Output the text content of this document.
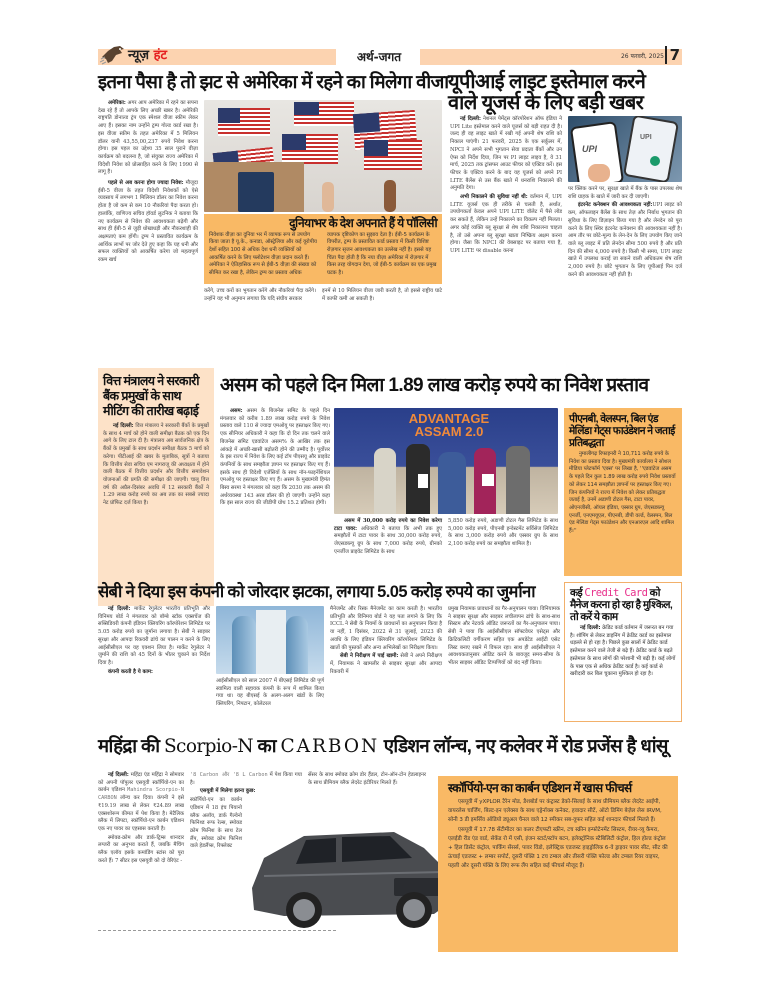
न्यूज़ हंट	अर्थ-जगत	26 फरवरी, 2025 7
इतना पैसा है तो झट से अमेरिका में रहने का मिलेगा वीजा

अमेरिका: अगर आप अमेरिका में रहने का सपना देख रहे हैं तो आपके लिए अच्छी खबर है। अमेरिकी राष्ट्रपति डोनाल्ड ट्रंप एक स्पेशल वीजा स्कीम लेकर आए हैं। इसका नाम उन्होंने ट्रम्प गोल्ड कार्ड रखा है। इस वीजा स्कीम के तहत अमेरिका में 5 मिलियन डॉलर यानी 43,55,00,237 रुपये निवेश करना होगा। इस पहल का उद्देश्य 35 साल पुराने वीज़ा कार्यक्रम को बदलना है, जो संयुक्त राज्य अमेरिका में विदेशी निवेश को प्रोत्साहित करने के लिए 1990 से लागू है।

पहले से अब करना होगा ज्यादा निवेश: मौजूदा ईबी-5 वीजा के तहत विदेशी निवेशकों को ऐसे व्यवसाय में लगभग 1 मिलियन डॉलर का निवेश करना होता है जो कम से कम 10 नौकरियां पैदा करता हो। हालांकि, वाणिज्य सचिव हॉवर्ड लुटनिक ने बताया कि नए कार्यक्रम से निवेश की आवश्यकता बढ़ेगी और साथ ही ईबी-5 से जुड़ी धोखाधड़ी और नौकरशाही की अक्षमताएं कम होंगी। ट्रम्प ने प्रस्तावित कार्यक्रम के आर्थिक लाभों पर जोर देते हुए कहा कि यह धनी और सफल व्यक्तियों को आकर्षित करेगा जो महत्वपूर्ण रकम खर्च

दुनियाभर के देश अपनाते हैं ये पॉलिसी
निवेशक वीज़ा का दुनिया भर में व्यापक रूप से उपयोग किया जाता है यू.के., कनाडा, ऑस्ट्रेलिया और कई यूरोपीय देशों सहित 100 से अधिक देश धनी व्यक्तियों को आकर्षित करने के लिए फ्लोटेशन वीज़ा प्रदान करते हैं। अमेरिका ने ऐतिहासिक रूप से ईबी-5 वीज़ा की संख्या को सीमित कर रखा है, लेकिन ट्रम्प का प्रस्ताव अधिक
व्यापक दृष्टिकोण का सुझाव देता है। ईबी-5 कार्यक्रम के विपरीत, ट्रम्प के प्रस्तावित कार्ड प्रस्ताव में किसी विशिष्ट रोज़गार सृजन आवश्यकता का उल्लेख नहीं है। इससे यह चिंता पैदा होती है कि नया वीज़ा अमेरिका में रोज़गार में किस तरह योगदान देगा, जो ईबी-5 कार्यक्रम का एक प्रमुख घटक है।
करेंगे, उच्च करों का भुगतान करेंगे और नौकरियां पैदा करेंगे। उन्होंने यह भी अनुमान लगाया कि यदि संघीय सरकार
इनमें से 10 मिलियन वीजा जारी करती है, तो इससे राष्ट्रीय घाटे में काफी कमी आ सकती है।
यूपीआई लाइट इस्तेमाल करने
वाले यूजर्स के लिए बड़ी खबर

नई दिल्ली: नेशनल पेमेंट्स कॉरपोरेशन ऑफ इंडिया ने UPI Lite इस्तेमाल करने वाले यूजर्स को बड़ी राहत दी है। जल्द ही वह लाइट खाते में रखी गई अपनी शेष राशि को निकाल पाएंगी। 21 फरवरी, 2025 के एक सर्कुलर में, NPCI ने अपने सभी भुगतान सेवा प्रदाता बैंकों और उन ऐप्स को निर्देश दिया, जिन पर PI लाइट लाइव है, वे 31 मार्च, 2025 तक ट्रांसफर आउट फीचर को एक्टिव करें। इस फीचर के एक्टिव करने के बाद यह यूजर्स को अपने PI LITE बैलेंस से उस बैंक खाते में धनराशि निकालने की अनुमति देगा।

अभी निकालने की सुविधा नहीं थी: वर्तमान में, UPI LITE यूजर्स एक ही तरीके से चलती है, अर्थात, उपयोगकर्ता केवल अपने UPI LITE वॉलेट में पैसे लोड कर सकते हैं, लेकिन उन्हें निकालने का विकल्प नहीं मिलता। अगर कोई व्यक्ति ब्लू सुरक्षा से शेष राशि निकालना चाहता है, तो उसे अपना ब्लू सुरक्षा खाता निष्क्रिय अक्षम करना होगा। जैसा कि NPCI की वेबसाइट पर बताया गया है, UPI LITE पर disable करना

UPI
UPI

पर क्लिक करने पर, सुरक्षा खाते में बैंक के पास उपलब्ध शेष राशि ग्राहक के खाते में जारी कर दी जाएगी।

इंटरनेट कनेक्शन की आवश्यकता नहीं:UPI लाइट को कम, ऑफलाइन बैलेंस के साथ तेज़ और निर्बाध भुगतान की सुविधा के लिए डिज़ाइन किया गया है और लेनदेन को पूरा करने के लिए स्थिर इंटरनेट कनेक्शन की आवश्यकता नहीं है। आम तौर पर छोटे-मूल्य के लेन-देन के लिए उपयोग किए जाने वाले ब्लू लाइट में प्रति लेनदेन सीमा 500 रुपये है और प्रति दिन की सीमा 4,000 रुपये है। किसी भी समय, UPI लाइट खाते में उपलब्ध कराई जा सकने वाली अधिकतम शेष राशि 2,000 रुपये है। छोटे भुगतान के लिए यूपीआई पिन दर्ज करने की आवश्यकता नहीं होती है।

वित्त मंत्रालय ने सरकारी बैंक प्रमुखों के साथ मीटिंग की तारीख बढ़ाई

नई दिल्ली: वित्त मंत्रालय ने सरकारी बैंकों के प्रमुखों के साथ 4 मार्च को होने वाली समीक्षा बैठक को एक दिन आगे के लिए टाल दी है। मंत्रालय अब सार्वजनिक क्षेत्र के बैंकों के प्रमुखों के साथ प्रदर्शन समीक्षा बैठक 5 मार्च को करेगा। पीटीआई की खबर के मुताबिक, सूत्रों ने बताया कि वित्तीय सेवा सचिव एम नागराजू की अध्यक्षता में होने वाली बैठक में वित्तीय प्रदर्शन और वित्तीय समावेशन योजनाओं की प्रगति की समीक्षा की जाएगी। चालू वित्त वर्ष की अप्रैल-दिसंबर अवधि में 12 सरकारी बैंकों ने 1.29 लाख करोड़ रुपये का अब तक का सबसे ज्यादा नेट प्रॉफिट दर्ज किया है।

असम को पहले दिन मिला 1.89 लाख करोड़ रुपये का निवेश प्रस्ताव

असम: असम के बिजनेस समिट के पहले दिन मंगलवार को करीब 1.89 लाख करोड़ रुपये के निवेश प्रस्ताव वाले 110 से ज्यादा एमओयू पर हस्ताक्षर किए गए। एक सीनियर अधिकारी ने कहा कि दो दिन तक चलने वाले बिजनेस समिट एडवांटेज असम% के आखिर तक इस आंकड़े में अच्छी-खासी बढ़ोतरी होने की उम्मीद है। पूर्वोत्तर के इस राज्य में निवेश के लिए कई टॉप पीएसयू और प्राइवेट कंपनियों के साथ समझौता ज्ञापन पर हस्ताक्षर किए गए हैं। इसके साथ ही विदेशी एजेंसियों के साथ नॉन-फाइनेंशियल एमओयू पर हस्ताक्षर किए गए हैं। असम के मुख्यमंत्री हिमंत बिस्व सरमा ने मंगलवार को कहा कि 2030 तक असम की अर्थव्यवस्था 143 अरब डॉलर की हो जाएगी। उन्होंने कहा कि इस साल राज्य की जीडीपी ग्रोथ 15.2 प्रतिशत होगी।

ADVANTAGE
ASSAM 2.0

असम में 30,000 करोड़ रुपये का निवेश करेगा टाटा पावर: अधिकारी ने बताया कि अभी तक हुए समझौतों में टाटा पावर के साथ 30,000 करोड़ रुपये, जेएसडब्ल्यू ग्रुप के साथ 7,000 करोड़ रुपये, ग्रीनको एनर्जीज प्राइवेट लिमिटेड के साथ

5,850 करोड़ रुपये, अडाणी टोटल गैस लिमिटेड के साथ 5,000 करोड़ रुपये, पीएनबी इन्वेस्टमेंट सर्विसेज लिमिटेड के साथ 3,000 करोड़ रुपये और एस्सार ग्रुप के साथ 2,100 करोड़ रुपये का समझौता शामिल है।
पीएनबी, वेलस्पन, बिल एंड मेलिंडा गेट्स फाउंडेशन ने जताई प्रतिबद्धता
नुमालीगढ़ रिफाइनरी ने 10,711 करोड़ रुपये के निवेश का प्रस्ताव दिया है। मुख्यमंत्री कार्यालय ने सोशल मीडिया प्लेटफॉर्म 'एक्स' पर लिखा है, ''एडवांटेज असम के पहले दिन कुल 1.89 लाख करोड़ रुपये निवेश प्रस्तावों को लेकर 114 समझौता ज्ञापनों पर हस्ताक्षर किए गए। जिन कंपनियों ने राज्य में निवेश को लेकर प्रतिबद्धता जताई है, उनमें अडाणी टोटल गैस, टाटा पावर, ओएनजीसी, ऑयल इंडिया, एस्सार ग्रुप, जेएसडब्ल्यू एनर्जी, एनएमयूएल, पीएनबी, डीपी वर्ल्ड, वेलस्पन, बिल एंड मेलिंडा गेट्स फाउंडेशन और एनआरएल आदि शामिल हैं।''
सेबी ने दिया इस कंपनी को जोरदार झटका, लगाया 5.05 करोड़ रुपये का जुर्माना

नई दिल्ली: मार्केट रेगुलेटर भारतीय प्रतिभूति और विनिमय बोर्ड ने मंगलवार को बॉम्बे स्टॉक एक्सचेंज की सब्सिडियरी कंपनी इंडियन क्लियरिंग कॉरपोरेशन लिमिटेड पर 5.05 करोड़ रुपये का जुर्माना लगाया है। सेबी ने साइबर सुरक्षा और आपदा रिकवरी ढांचे का पालन न करने के लिए आईसीसीएल पर यह एक्शन लिया है। मार्केट रेगुलेटर ने जुर्माने की राशि को 45 दिनों के भीतर चुकाने का निर्देश दिया है।

कंपनी करती है ये काम:

आईसीसीएल को साल 2007 में बीएसई लिमिटेड की पूर्ण स्वामित्व वाली सहायक कंपनी के रूप में शामिल किया गया था। यह बीएसई के अलग-अलग खंडों के लिए क्लियरिंग, निपटान, कोलेटरल

मैनेजमेंट और रिस्क मैनेजमेंट का काम करती है। भारतीय प्रतिभूति और विनिमय बोर्ड ने यह पता लगाने के लिए कि ICCL ने सेबी के नियमों के प्रावधानों का अनुपालन किया है या नहीं, 1 दिसंबर, 2022 से 31 जुलाई, 2023 की अवधि के लिए इंडियन क्लियरिंग कॉरपोरेशन लिमिटेड के खातों की पुस्तकों और अन्य अभिलेखों का निरीक्षण किया।

सेबी ने निरीक्षण में पाई खामी: सेबी ने अपने निरीक्षण में, नियामक ने खामलीर से साइबर सुरक्षा और आपदा रिकवरी में

प्रमुख नियामक प्रावधानों का गैर-अनुपालन पाया। विनियामक ने साइबर सुरक्षा और साइबर लचीलापन ढांचे के साथ-साथ सिस्टम और नेटवर्क ऑडिट जरूरतों का गैर-अनुपालन पाया। सेबी ने पाया कि आईसीसीएल सॉफ्टवेयर एसेट्स और क्रिटिकलिटी वर्गीकरण सहित एक अपडेटेड आईटी एसेट लिस्ट बनाए रखने में विफल रहा। साथ ही आईसीसीएल ने आवश्यकतानुसार ऑडिट करने के बावजूद समय-सीमा के भीतर साइबर ऑडिट टिप्पणियों को बंद नहीं किया।
कई Credit Card को मैनेज करना हो रहा है मुश्किल, तो करें ये काम

नई दिल्ली: क्रेडिट कार्ड वर्तमान में जरूरत बन गया है। शॉपिंग से लेकर डाइनिंग में क्रेडिट कार्ड का इस्तेमाल धड़ल्ले से हो रहा है। पिछले कुछ सालों में क्रेडिट कार्ड इस्तेमाल करने वाले तेजी से बढ़े हैं। क्रेडिट कार्ड के बढ़ते इस्तेमाल के साथ लोगों की परेशानी भी बढ़ी है। कई लोगों के पास एक से अधिक क्रेडिट कार्ड है। कई कार्ड से खरीदारी कर बिल चुकाना मुश्किल हो रहा है।

महिंद्रा की Scorpio-N का CARBON एडिशन लॉन्च, नए कलेवर में रोड प्रजेंस है धांसू

नई दिल्ली: महिंद्रा एंड महिंद्रा ने सोमवार को अपनी पॉपुलर एसयूवी स्कॉर्पियो-एन का कार्बन एडिशन Mahindra Scorpio-N CARBON लॉन्च कर दिया। कंपनी ने इसे ₹19.19 लाख से लेकर ₹24.89 लाख एक्सशोरूम कीमत में पेश किया है। मेटैलिक ब्लैक में लिपटा, स्कॉर्पियो-एन कार्बन एडिशन एक नए पावर का एहसास कराती है।

स्मोक्ड-क्रोम और डार्क-ट्रिम्स शानदार लग्जरी का अनुभव कराते हैं, जबकि मैचिंग ब्लैक एलॉय इसके कमांडिंग स्टांस को पूरा करते हैं। 7 सीटर इस एसयूवी को दो वेरिएंट -

'8 Carbon और '8 L Carbon में पेश किया गया है।

एसयूवी में मिलेगा इतना कुछ:

स्कॉर्पियो-एन का कार्बन एडिशन में 18 इंच पियानो ब्लैक अलॉय, डार्क गैल्वेनो फिनिश्ड रूफ रेल्स, स्मोक्ड क्रोम फिनिश के साथ टेल लैंप, स्मोक्ड क्रोम फिनिश वाले हेडलैंप्स, रिफ्लेक्ट
सेंसर के साथ स्मोक्ड क्रोम डोर हैंडल, टोन-ऑन-टोन हेडलाइनर के साथ प्रीमियम ब्लैक लेदरेट इंटीरियर मिलते हैं।	स्कॉर्पियो-एन का कार्बन एडिशन में खास फीचर्स

एसयूवी में yXPLOR टैरेन मोड, डैशबोर्ड पर कंट्रास्ट डेको-सिलाई के साथ प्रीमियम ब्लैक लेदरेट आईपी, वायरलेस चार्जिंग, बिल्ट-इन एलेक्सा के साथ एड्रेनॉक्स कनेक्ट, हवादार सीटें, ऑटो डिमिंग बेज़ेल लेस IRVM, सोनी 3 डी इमर्सिव ऑडियो ड्यूअल चैनल वाले 12 स्पीकर सब-वूफर सहित कई शानदार फीचर्स मिलते हैं।

एसयूवी में 17.78 सेंटीमीटर का कलर टीएफटी स्क्रीन, टच स्क्रीन इन्फोटेनमेंट सिस्टम, रीयर-व्यू कैमरा, एलईडी रीड एंड वार्ड, सेकेंड रो में एसी, इंजन स्टार्ट/स्टॉप बटन, इलेक्ट्रॉनिक स्टैबिलिटी कंट्रोल, हिल होल्ड कंट्रोल + हिल डिसेंट कंट्रोल, पार्किंग सेंसर्स, पावर विंडो, इलेक्ट्रिक एडजस्ट हाइड्रोलिक 6-वे ड्राइवर पावर सीट, सीट की ऊंचाई एडजस्ट + लम्बर सपोर्ट, दूसरी पंक्ति 1 टच टम्बल और तीसरी पंक्ति फोल्ड और टम्बल रियर वाइपर, पहली और दूसरी पंक्ति के लिए रूफ लैंप सहित कई फीचर्स मौजूद हैं।
